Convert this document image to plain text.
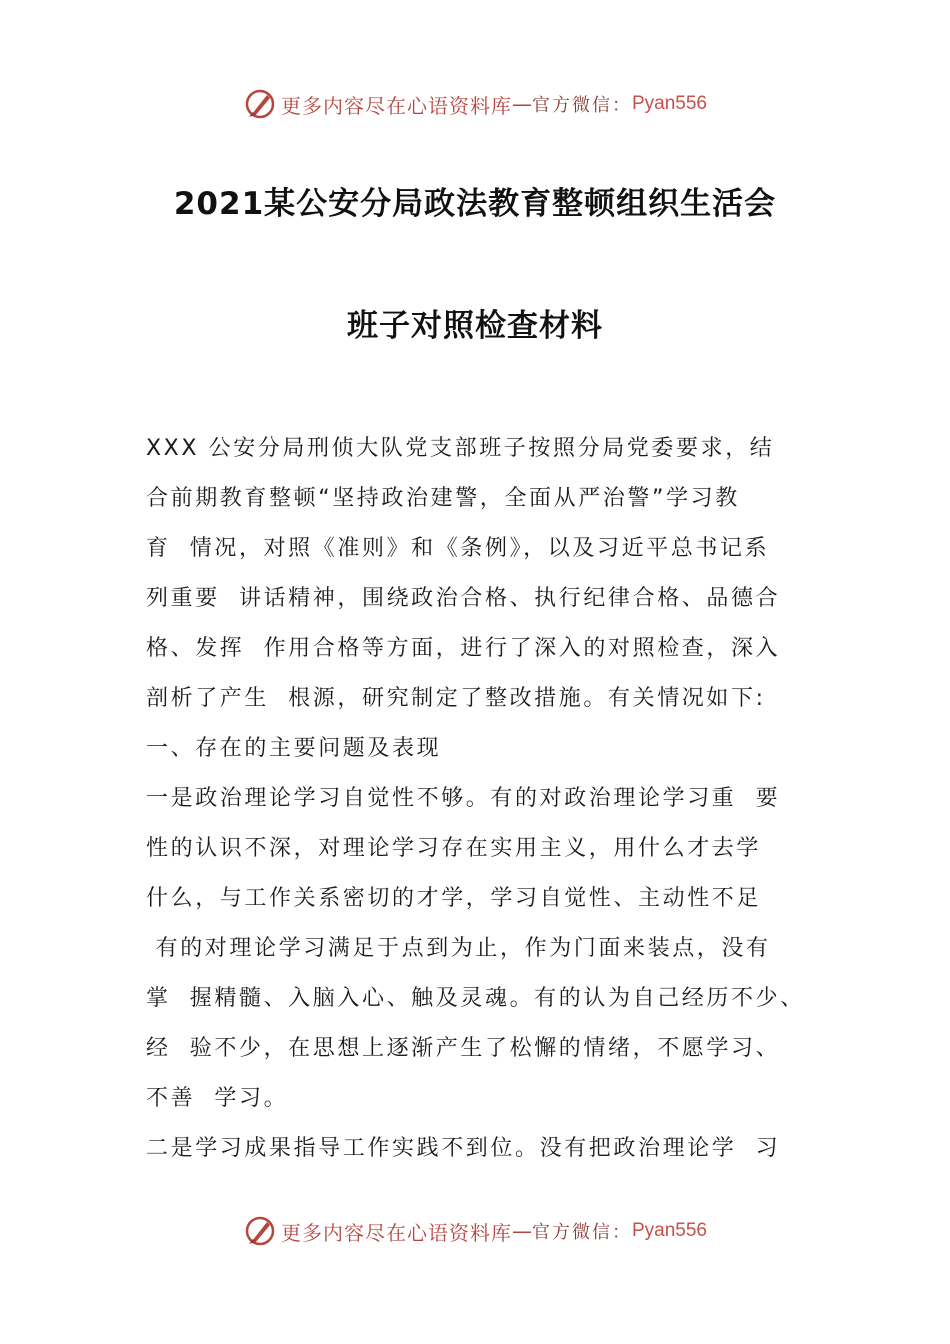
更多内容尽在心语资料库 — 官方微信： Pyan556
2021某公安分局政法教育整顿组织生活会
班子对照检查材料
XXX 公安分局刑侦大队党支部班子按照分局党委要求，结
合前期教育整顿“坚持政治建警，全面从严治警”学习教
育  情况，对照《准则》和《条例》，以及习近平总书记系
列重要  讲话精神，围绕政治合格、执行纪律合格、品德合
格、发挥  作用合格等方面，进行了深入的对照检查，深入
剖析了产生  根源，研究制定了整改措施。有关情况如下:
一、存在的主要问题及表现
一是政治理论学习自觉性不够。有的对政治理论学习重  要
性的认识不深，对理论学习存在实用主义，用什么才去学
什么，与工作关系密切的才学，学习自觉性、主动性不足
有的对理论学习满足于点到为止，作为门面来装点，没有
掌  握精髓、入脑入心、触及灵魂。有的认为自己经历不少、
经  验不少，在思想上逐渐产生了松懈的情绪，不愿学习、
不善  学习。
二是学习成果指导工作实践不到位。没有把政治理论学  习
更多内容尽在心语资料库 — 官方微信： Pyan556
